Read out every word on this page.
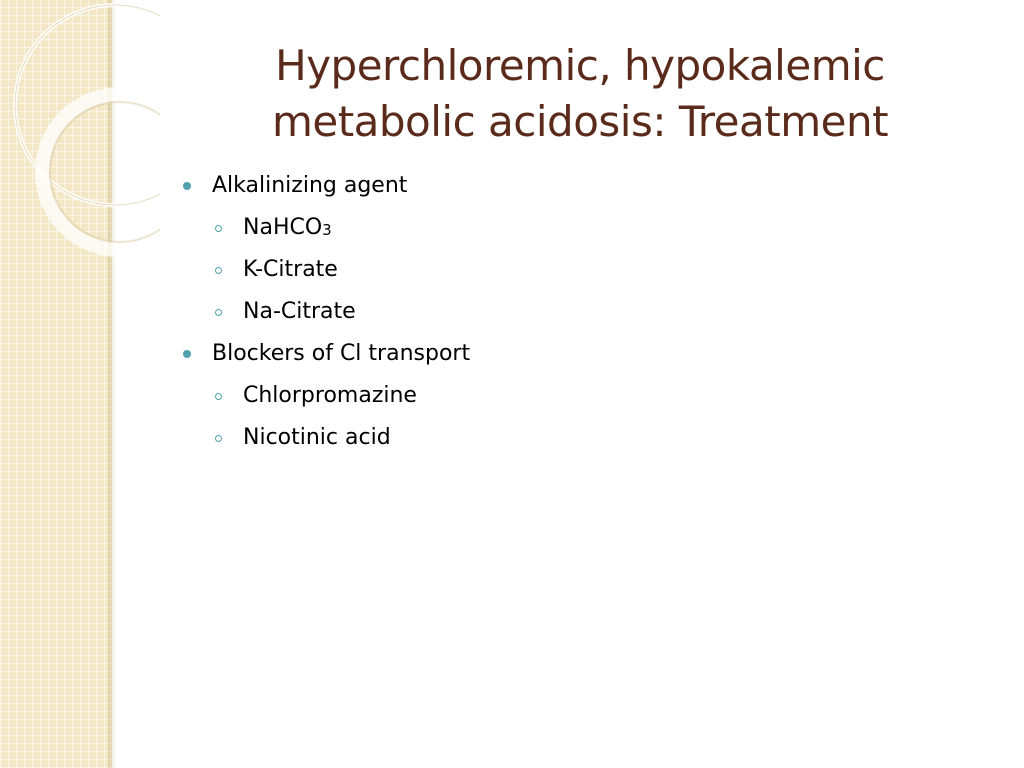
Hyperchloremic, hypokalemic
metabolic acidosis: Treatment
Alkalinizing agent
NaHCO3
K-Citrate
Na-Citrate
Blockers of Cl transport
Chlorpromazine
Nicotinic acid
